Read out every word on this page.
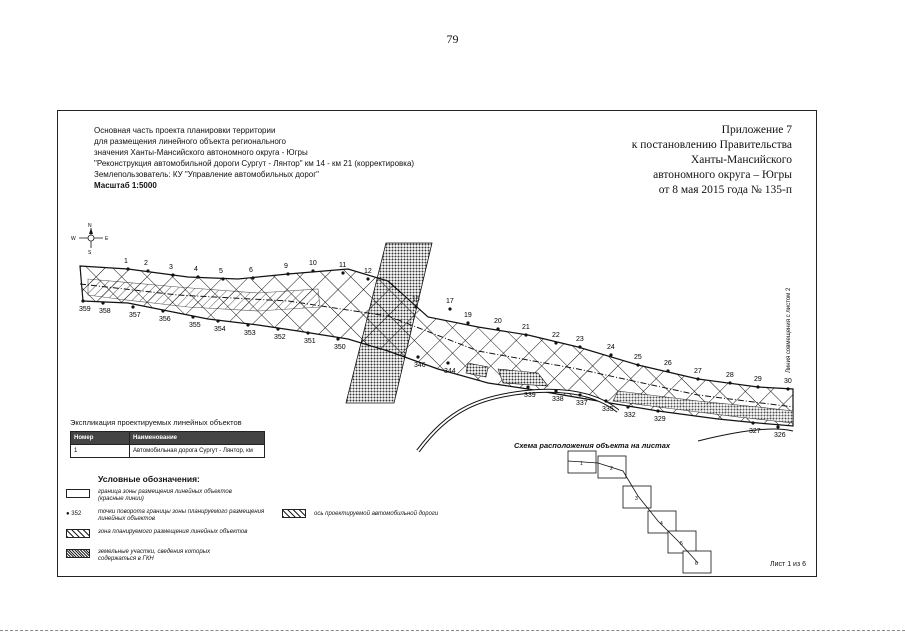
79
N
S
W	E
1 2
3	4	5	6
9	10	11
12
15	17
19
20
21
22
23
24
25
26
27
28
29	30
359 358
357
356
355
354
353
352
351
350
346
344
339
338
337
335
332
329
327
326
1
2
3
4
5
6
Основная часть проекта планировки территории
для размещения линейного объекта регионального
значения Ханты-Мансийского автономного округа - Югры
"Реконструкция автомобильной дороги Сургут - Лянтор" км 14 - км 21 (корректировка)
Землепользователь: КУ "Управление автомобильных дорог"
Масштаб 1:5000
Приложение 7
к постановлению Правительства
Ханты-Мансийского
автономного округа – Югры
от 8 мая 2015 года № 135-п
Экспликация проектируемых линейных объектов
Номер	Наименование
1	Автомобильная дорога Сургут - Лянтор, км
Условные обозначения:
граница зоны размещения линейных объектов (красные линии)
● 352	точки поворота границы зоны планируемого размещения линейных объектов
зона планируемого размещения линейных объектов
земельные участки, сведения которых содержаться в ГКН
ось проектируемой автомобильной дороги
Схема расположения объекта на листах
Линия совмещения с листом 2
Лист 1 из 6
